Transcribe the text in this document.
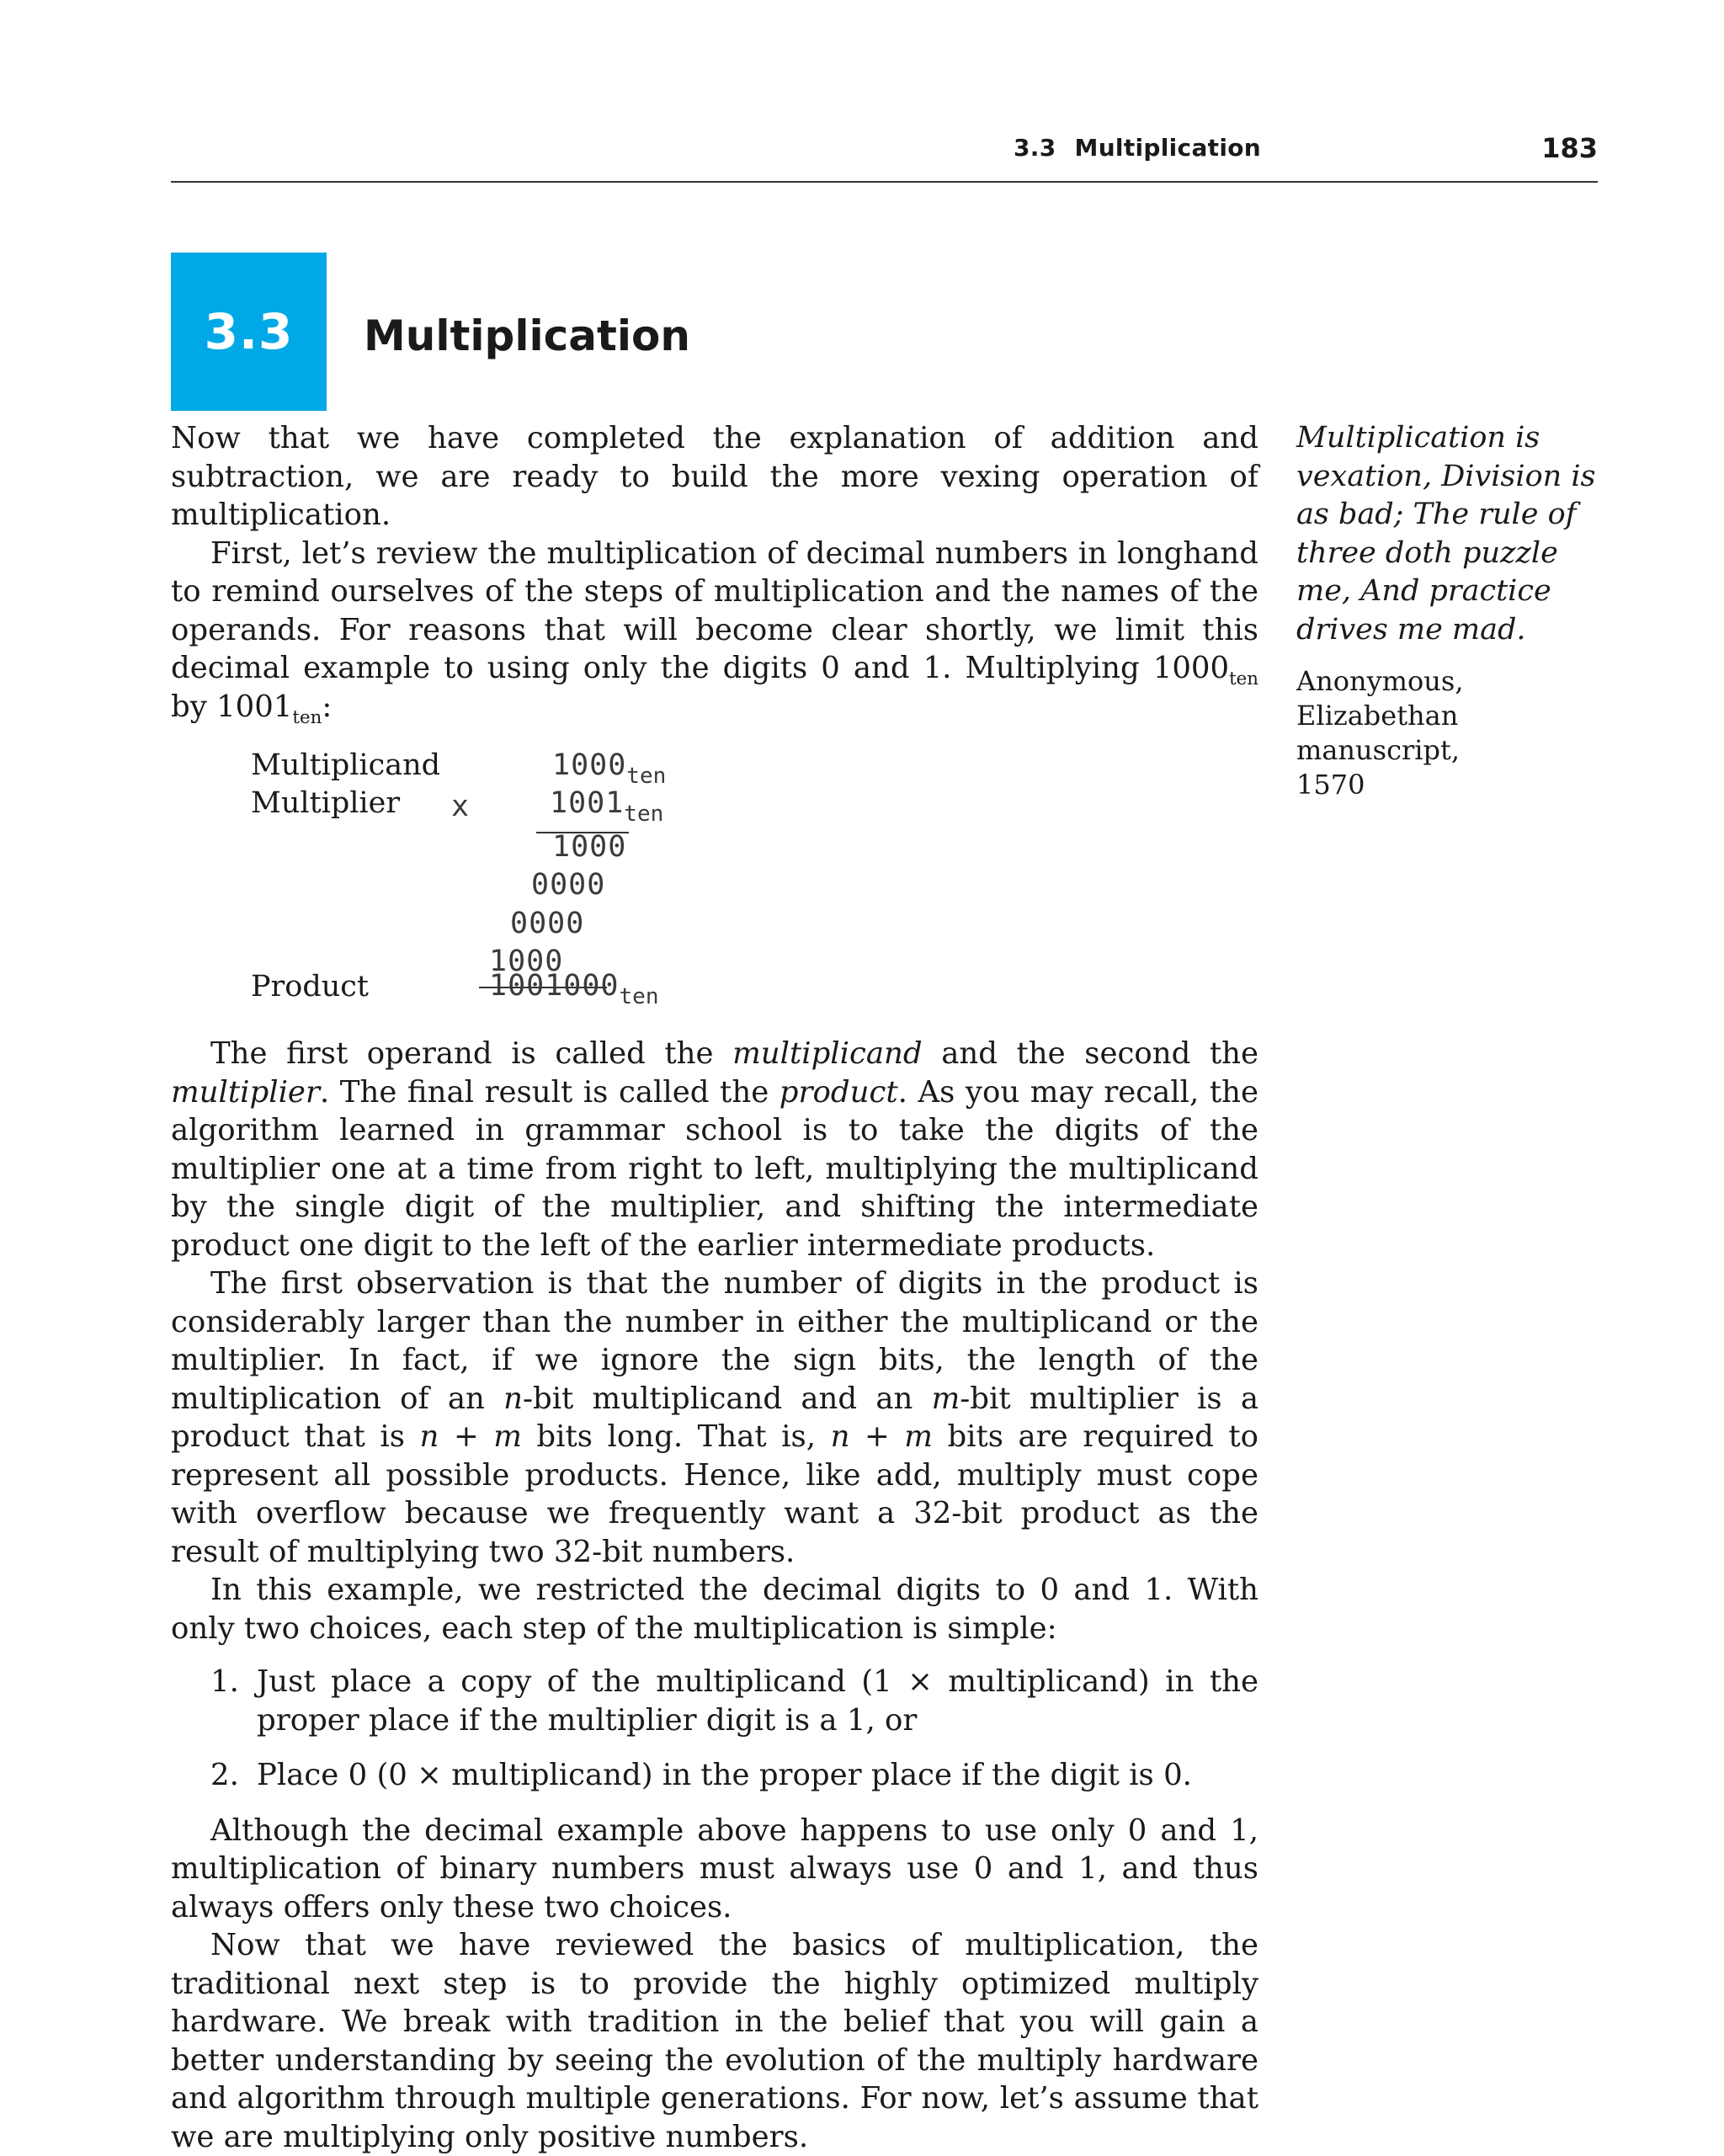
3.3 Multiplication	183
3.3	Multiplication

Now that we have completed the explanation of addition and subtraction, we are ready to build the more vexing operation of multiplication.

First, let’s review the multiplication of decimal numbers in longhand to remind ourselves of the steps of multiplication and the names of the operands. For reasons that will become clear shortly, we limit this decimal example to using only the digits 0 and 1. Multiplying $1000_{ten}$ by $1001_{ten}$:

Multiplicand
Multiplier
Product
x
$1000_{ten}$
$1001_{ten}$
1000
0000
0000
1000
$1001000_{ten}$

The first operand is called the multiplicand and the second the multiplier. The final result is called the product. As you may recall, the algorithm learned in grammar school is to take the digits of the multiplier one at a time from right to left, multiplying the multiplicand by the single digit of the multiplier, and shifting the intermediate product one digit to the left of the earlier intermediate products.

The first observation is that the number of digits in the product is considerably larger than the number in either the multiplicand or the multiplier. In fact, if we ignore the sign bits, the length of the multiplication of an n-bit multiplicand and an m-bit multiplier is a product that is n + m bits long. That is, n + m bits are required to represent all possible products. Hence, like add, multiply must cope with overflow because we frequently want a 32-bit product as the result of multiplying two 32-bit numbers.

In this example, we restricted the decimal digits to 0 and 1. With only two choices, each step of the multiplication is simple:

1. Just place a copy of the multiplicand (1 × multiplicand) in the proper place if the multiplier digit is a 1, or
2. Place 0 (0 × multiplicand) in the proper place if the digit is 0.

Although the decimal example above happens to use only 0 and 1, multiplication of binary numbers must always use 0 and 1, and thus always offers only these two choices.

Now that we have reviewed the basics of multiplication, the traditional next step is to provide the highly optimized multiply hardware. We break with tradition in the belief that you will gain a better understanding by seeing the evolution of the multiply hardware and algorithm through multiple generations. For now, let’s assume that we are multiplying only positive numbers.

Multiplication is vexation, Division is as bad; The rule of three doth puzzle me, And practice drives me mad.

Anonymous,
Elizabethan manuscript,
1570
